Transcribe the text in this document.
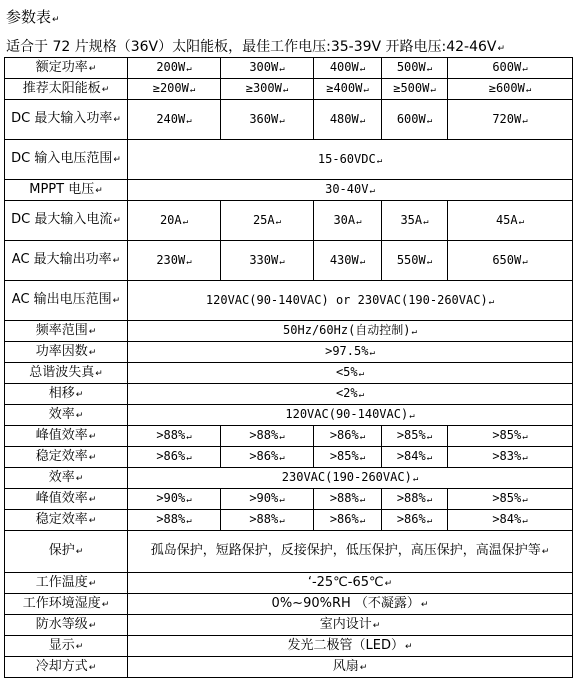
参数表↵
适合于 72 片规格（36V）太阳能板，最佳工作电压:35-39V 开路电压:42-46V↵
额定功率↵	200W↵	300W↵	400W↵	500W↵	600W↵
推荐太阳能板↵	≥200W↵	≥300W↵	≥400W↵	≥500W↵	≥600W↵
DC 最大输入功率↵	240W↵	360W↵	480W↵	600W↵	720W↵
DC 输入电压范围↵	15-60VDC↵				
MPPT 电压↵	30-40V↵				
DC 最大输入电流↵	20A↵	25A↵	30A↵	35A↵	45A↵
AC 最大输出功率↵	230W↵	330W↵	430W↵	550W↵	650W↵
AC 输出电压范围↵	120VAC(90-140VAC) or 230VAC(190-260VAC)↵				
频率范围↵	50Hz/60Hz(自动控制)↵				
功率因数↵	>97.5%↵				
总谐波失真↵	<5%↵				
相移↵	<2%↵				
效率↵	120VAC(90-140VAC)↵				
峰值效率↵	>88%↵	>88%↵	>86%↵	>85%↵	>85%↵
稳定效率↵	>86%↵	>86%↵	>85%↵	>84%↵	>83%↵
效率↵	230VAC(190-260VAC)↵				
峰值效率↵	>90%↵	>90%↵	>88%↵	>88%↵	>85%↵
稳定效率↵	>88%↵	>88%↵	>86%↵	>86%↵	>84%↵
保护↵	孤岛保护，短路保护，反接保护，低压保护，高压保护，高温保护等↵				
工作温度↵	‘-25℃-65℃↵				
工作环境湿度↵	0%~90%RH （不凝露）↵				
防水等级↵	室内设计↵				
显示↵	发光二极管（LED）↵				
冷却方式↵	风扇↵				
